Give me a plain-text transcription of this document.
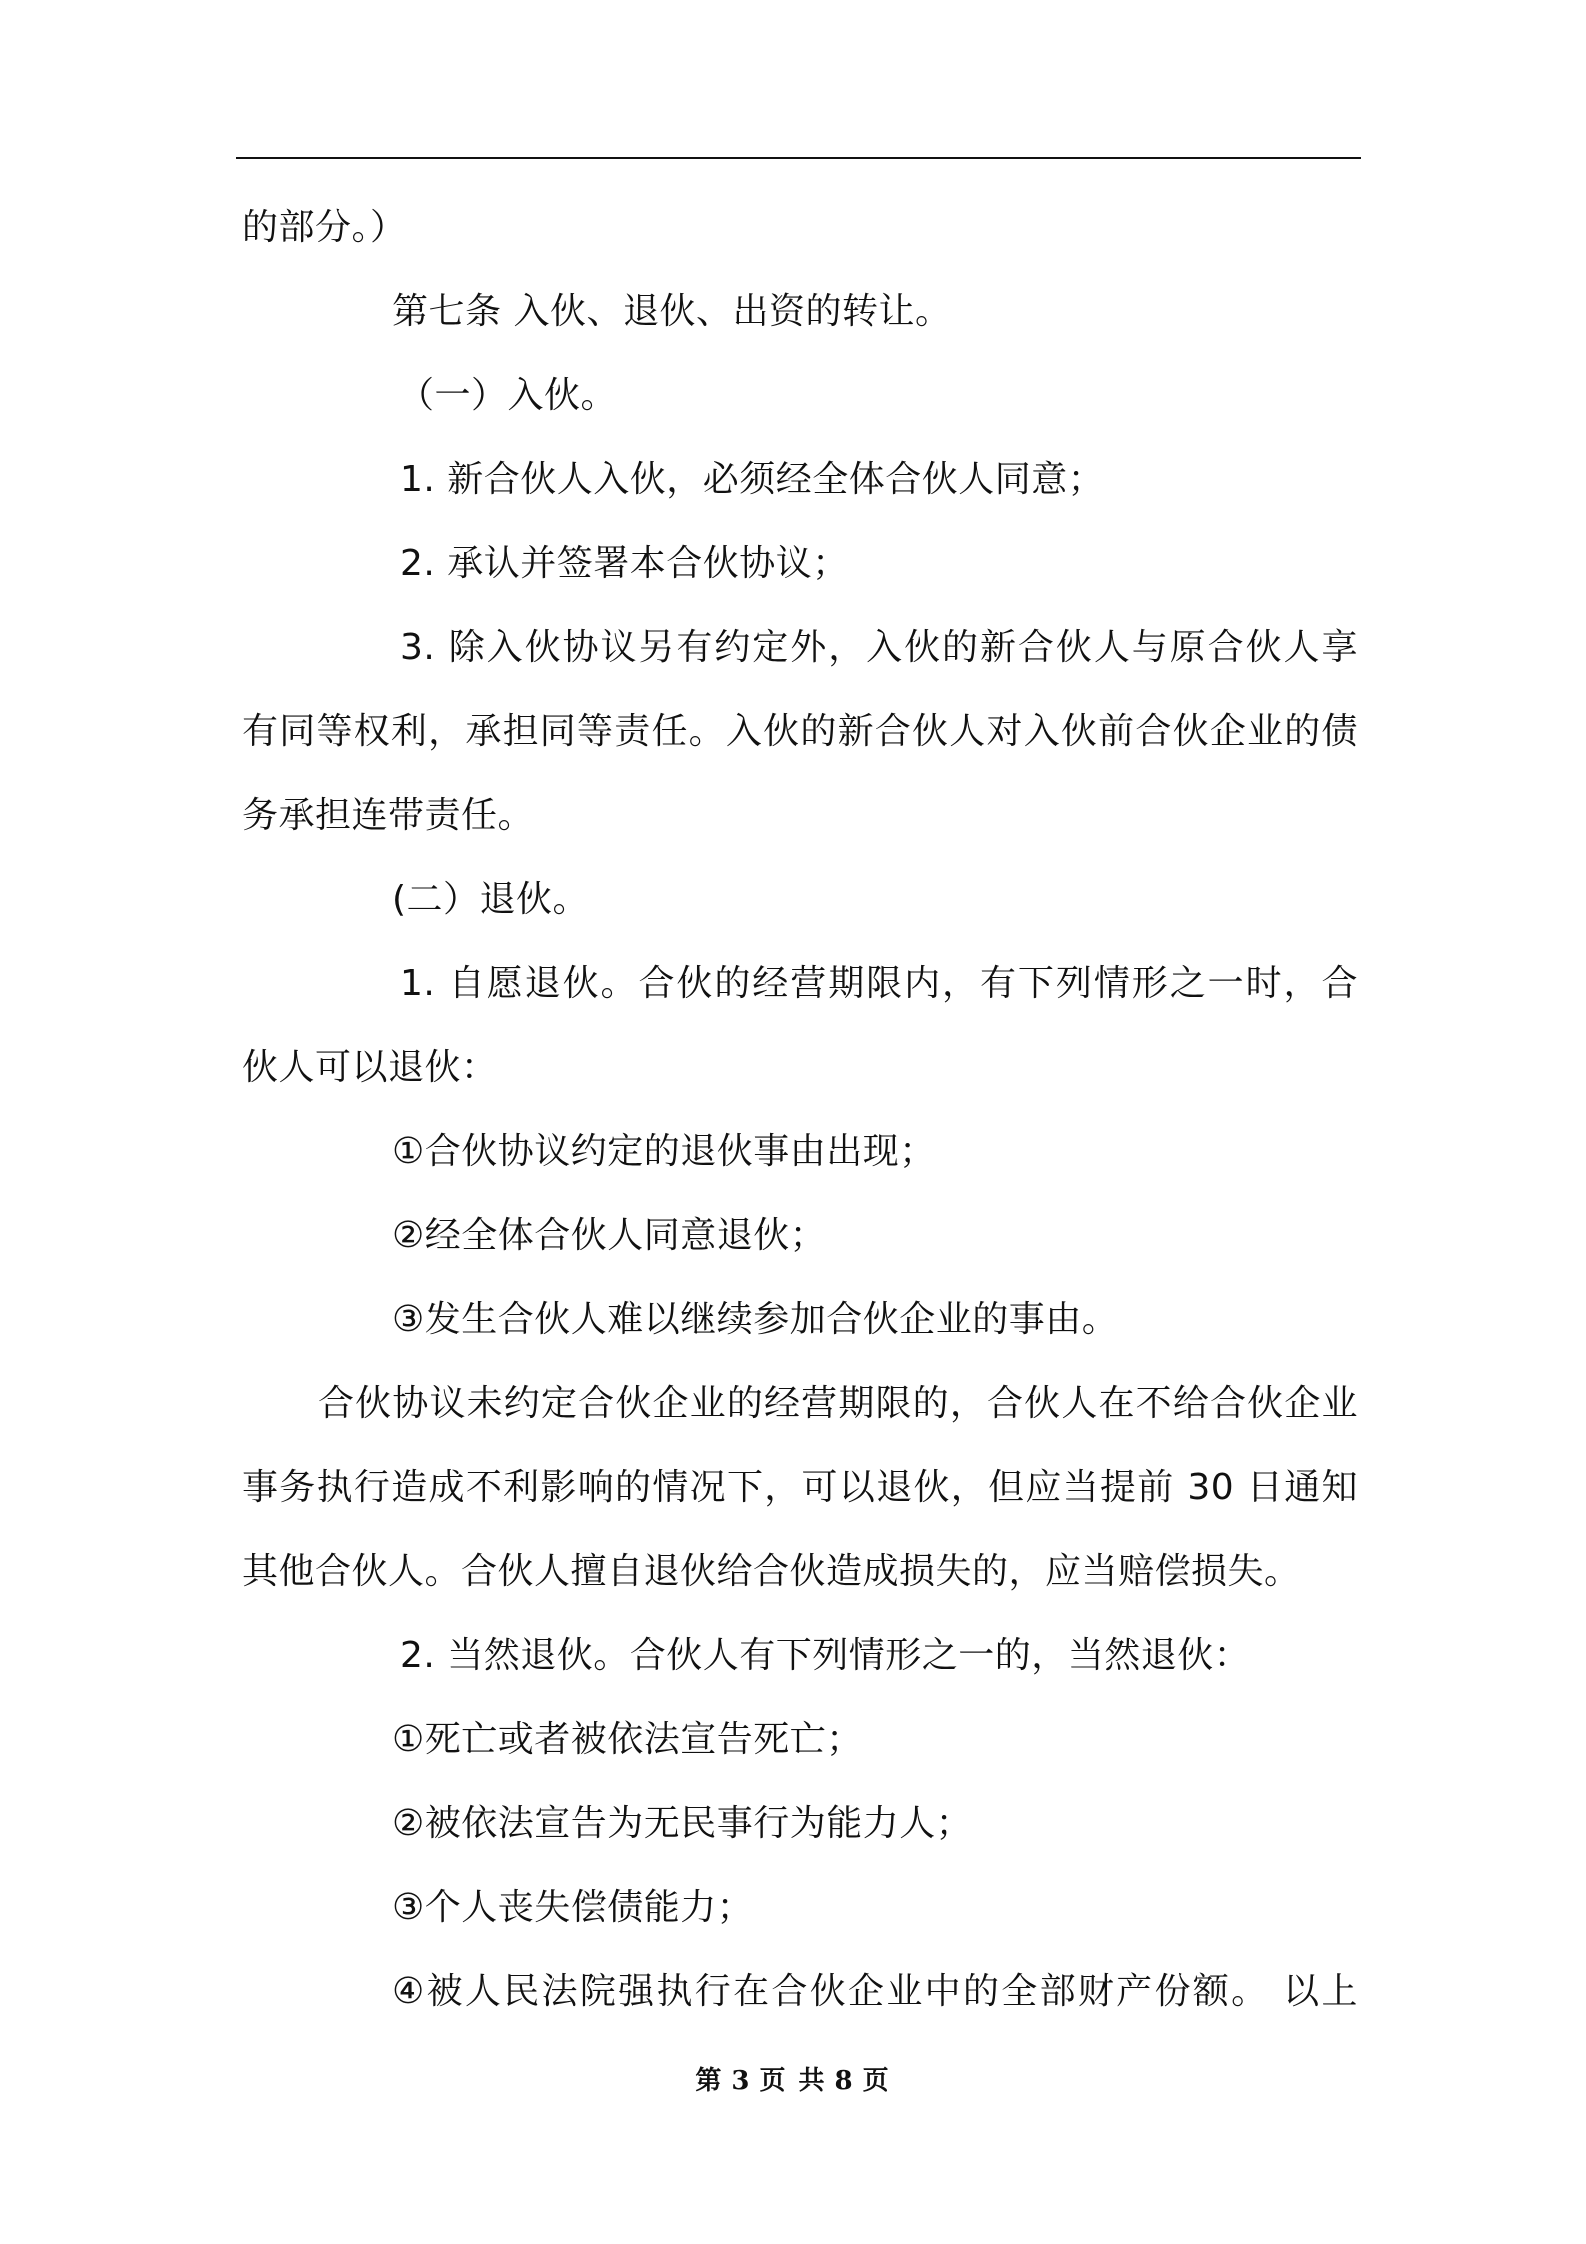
的部分。）
第七条 入伙、退伙、出资的转让。
（一）入伙。
1. 新合伙人入伙，必须经全体合伙人同意；
2. 承认并签署本合伙协议；
3. 除入伙协议另有约定外，入伙的新合伙人与原合伙人享
有同等权利，承担同等责任。入伙的新合伙人对入伙前合伙企业的债
务承担连带责任。
(二）退伙。
1. 自愿退伙。合伙的经营期限内，有下列情形之一时，合
伙人可以退伙：
①合伙协议约定的退伙事由出现；
②经全体合伙人同意退伙；
③发生合伙人难以继续参加合伙企业的事由。
合伙协议未约定合伙企业的经营期限的，合伙人在不给合伙企业
事务执行造成不利影响的情况下，可以退伙，但应当提前 30 日通知
其他合伙人。合伙人擅自退伙给合伙造成损失的，应当赔偿损失。
2. 当然退伙。合伙人有下列情形之一的，当然退伙：
①死亡或者被依法宣告死亡；
②被依法宣告为无民事行为能力人；
③个人丧失偿债能力；
④被人民法院强执行在合伙企业中的全部财产份额。 以上
第 3 页 共 8 页
